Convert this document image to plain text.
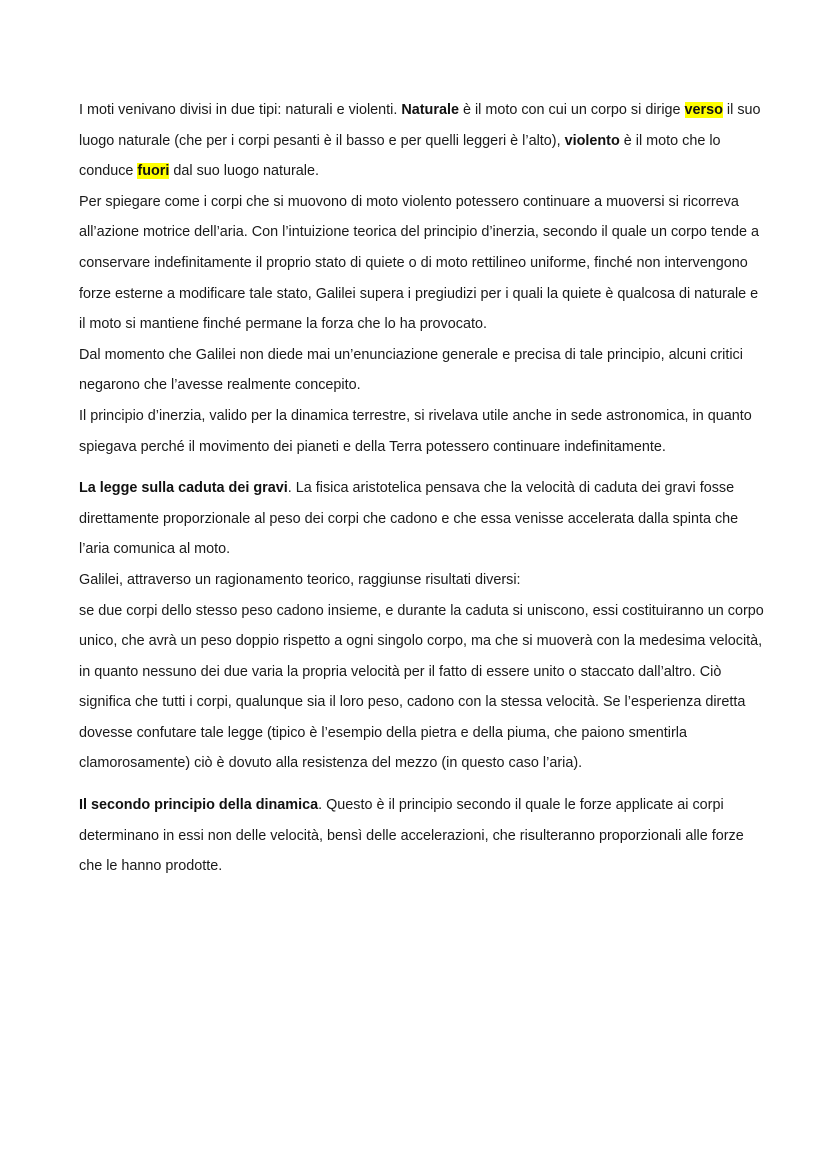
I moti venivano divisi in due tipi: naturali e violenti. Naturale è il moto con cui un corpo si dirige verso il suo luogo naturale (che per i corpi pesanti è il basso e per quelli leggeri è l’alto), violento è il moto che lo conduce fuori dal suo luogo naturale.

Per spiegare come i corpi che si muovono di moto violento potessero continuare a muoversi si ricorreva all’azione motrice dell’aria. Con l’intuizione teorica del principio d’inerzia, secondo il quale un corpo tende a conservare indefinitamente il proprio stato di quiete o di moto rettilineo uniforme, finché non intervengono forze esterne a modificare tale stato, Galilei supera i pregiudizi per i quali la quiete è qualcosa di naturale e il moto si mantiene finché permane la forza che lo ha provocato.

Dal momento che Galilei non diede mai un’enunciazione generale e precisa di tale principio, alcuni critici negarono che l’avesse realmente concepito.

Il principio d’inerzia, valido per la dinamica terrestre, si rivelava utile anche in sede astronomica, in quanto spiegava perché il movimento dei pianeti e della Terra potessero continuare indefinitamente.

La legge sulla caduta dei gravi. La fisica aristotelica pensava che la velocità di caduta dei gravi fosse direttamente proporzionale al peso dei corpi che cadono e che essa venisse accelerata dalla spinta che l’aria comunica al moto.

Galilei, attraverso un ragionamento teorico, raggiunse risultati diversi:

se due corpi dello stesso peso cadono insieme, e durante la caduta si uniscono, essi costituiranno un corpo unico, che avrà un peso doppio rispetto a ogni singolo corpo, ma che si muoverà con la medesima velocità, in quanto nessuno dei due varia la propria velocità per il fatto di essere unito o staccato dall’altro. Ciò significa che tutti i corpi, qualunque sia il loro peso, cadono con la stessa velocità. Se l’esperienza diretta dovesse confutare tale legge (tipico è l’esempio della pietra e della piuma, che paiono smentirla clamorosamente) ciò è dovuto alla resistenza del mezzo (in questo caso l’aria).

Il secondo principio della dinamica. Questo è il principio secondo il quale le forze applicate ai corpi determinano in essi non delle velocità, bensì delle accelerazioni, che risulteranno proporzionali alle forze che le hanno prodotte.
